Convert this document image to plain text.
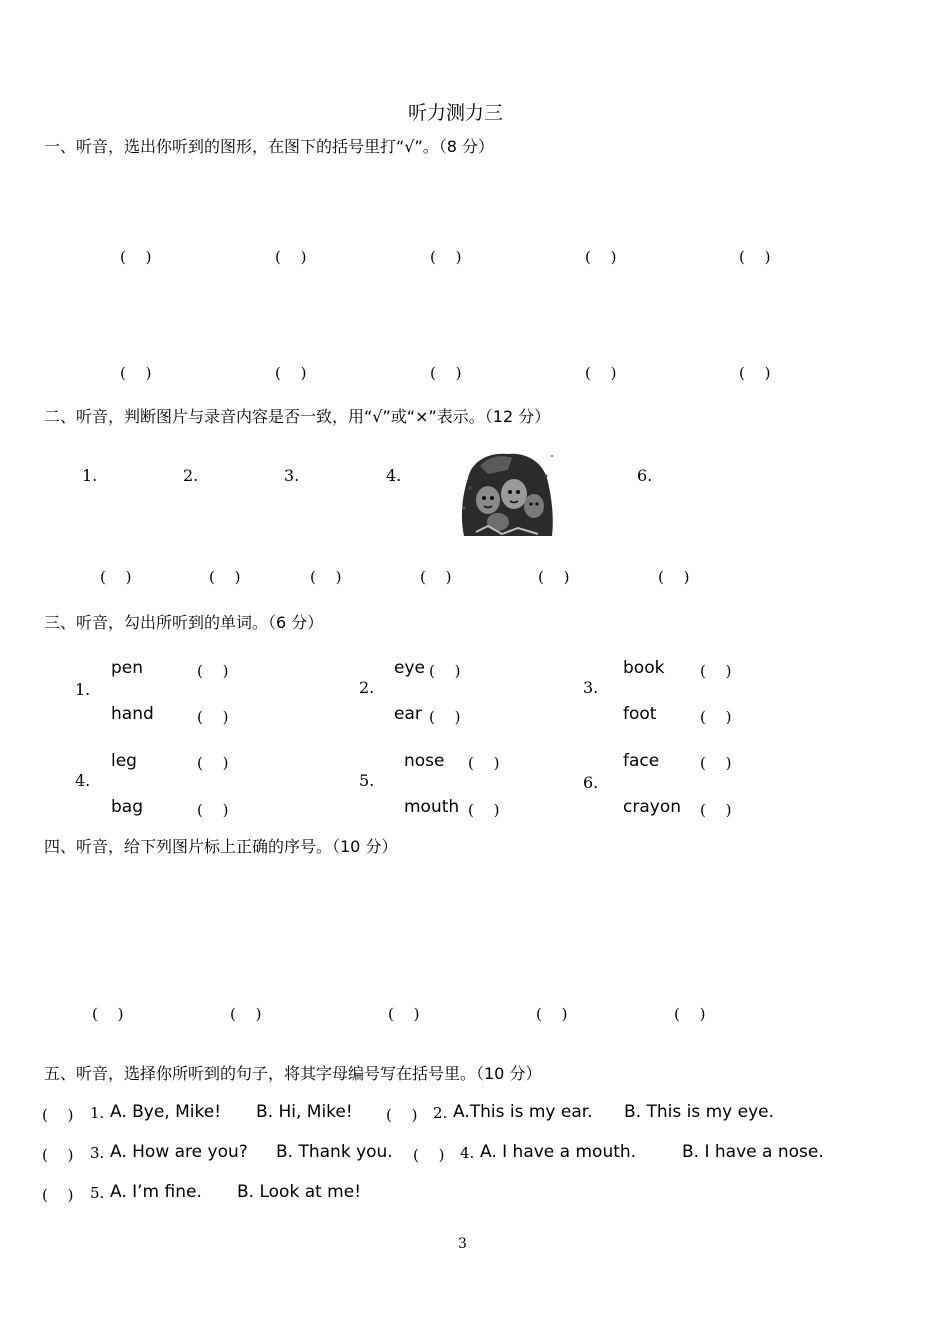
听力测力三
一、听音，选出你听到的图形，在图下的括号里打“√”。（8 分）
(　 )	(　 )	(　 )	(　 )	(　 )
(　 )	(　 )	(　 )	(　 )	(　 )
二、听音，判断图片与录音内容是否一致，用“√”或“×”表示。（12 分）
1.	2.	3.	4.	6.
(　 )	(　 )	(　 )	(　 )	(　 )	(　 )
三、听音，勾出所听到的单词。（6 分）
1.
pen	(　 )
hand	(　 )
2.
eye (　 )
ear (　 )
3.
book (　 )
foot	(　 )
4.
leg	(　 )
bag	(　 )
5.
nose (　 )
mouth (　 )
6.
face	(　 )
crayon (　 )
四、听音，给下列图片标上正确的序号。（10 分）
(　 )	(　 )	(　 )	(　 )	(　 )
五、听音，选择你所听到的句子，将其字母编号写在括号里。（10 分）
(　 ) 1. A. Bye, Mike! B. Hi, Mike! (　 ) 2. A.This is my ear. B. This is my eye.
(　 ) 3. A. How are you? B. Thank you. (　 ) 4. A. I have a mouth.	B. I have a nose.
(　 ) 5. A. I’m fine. B. Look at me!
3
